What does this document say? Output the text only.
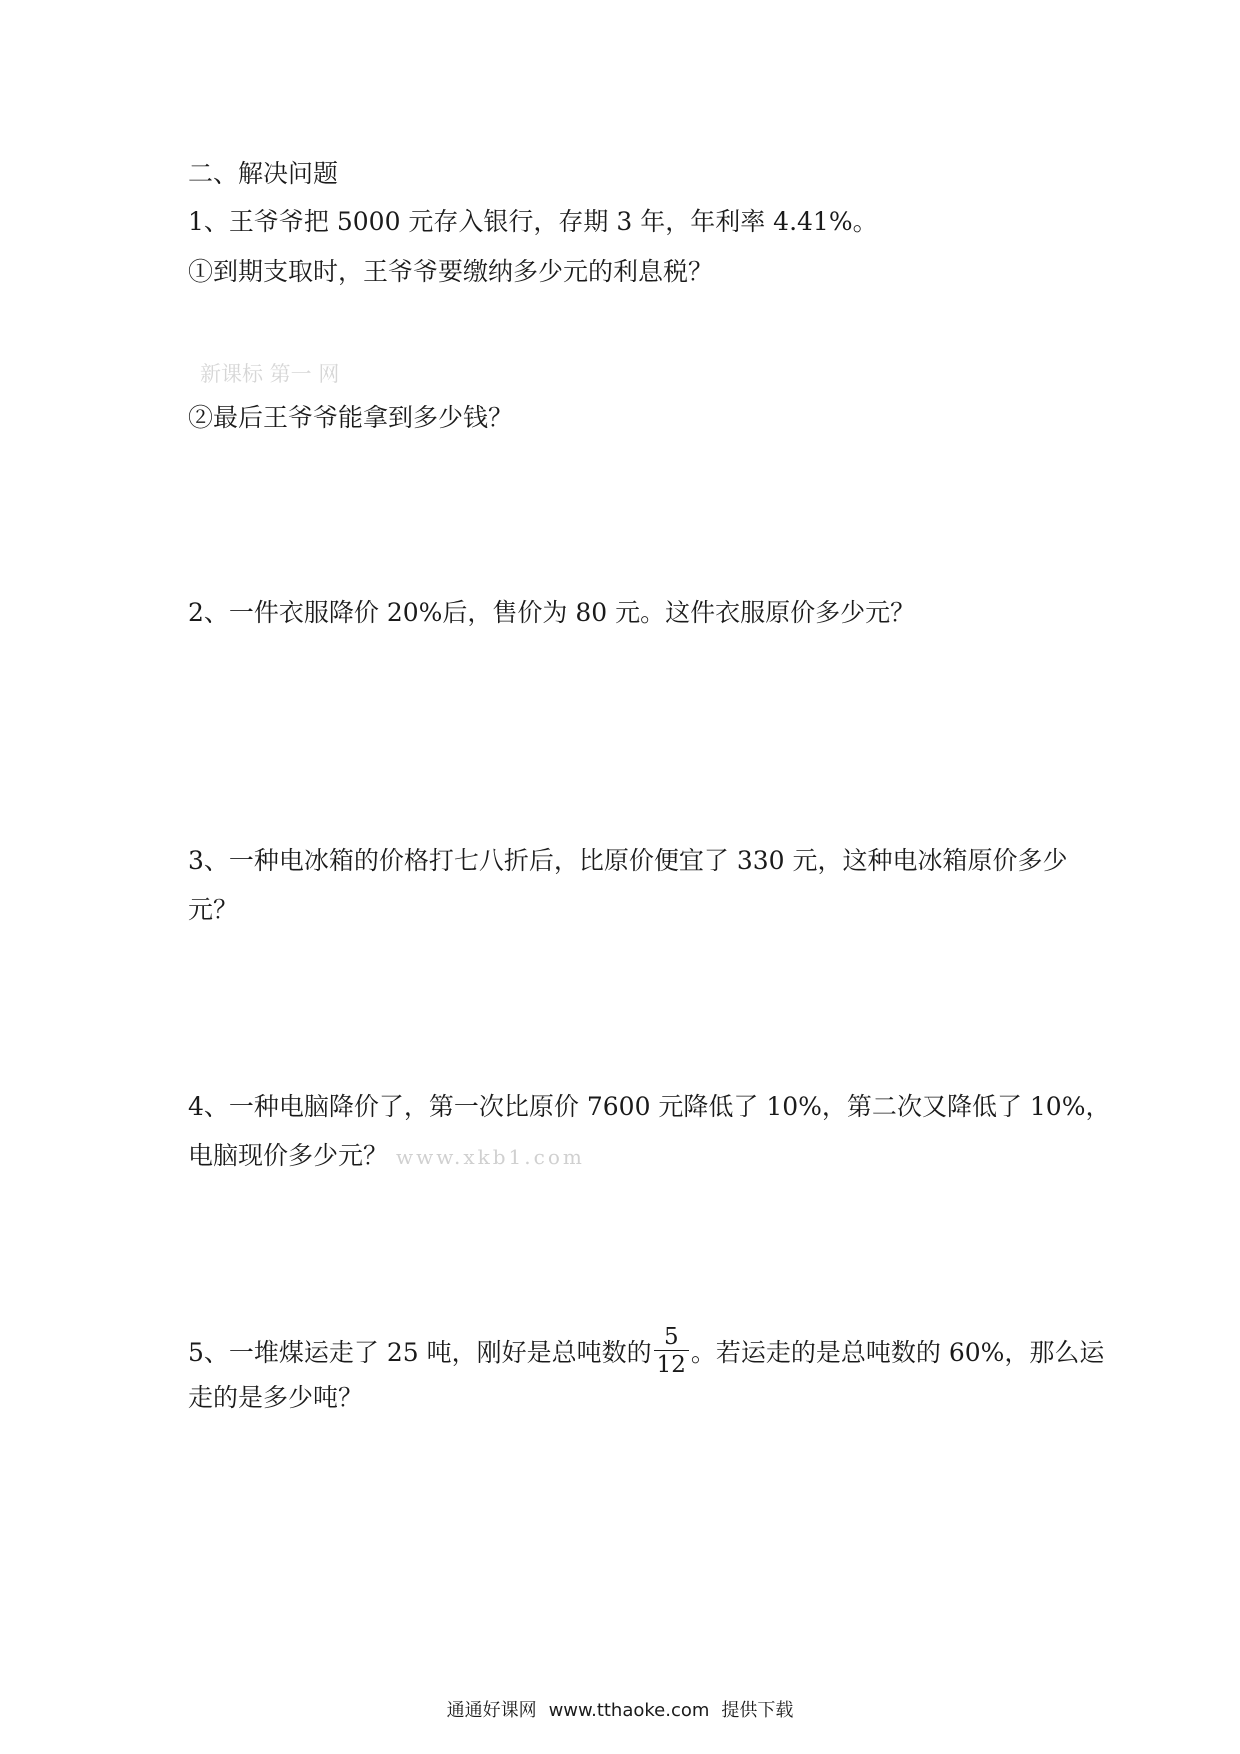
二、解决问题
1、王爷爷把 5000 元存入银行，存期 3 年，年利率 4.41%。
①到期支取时，王爷爷要缴纳多少元的利息税？
新课标 第一 网
②最后王爷爷能拿到多少钱？
2、一件衣服降价 20%后，售价为 80 元。这件衣服原价多少元？
3、一种电冰箱的价格打七八折后，比原价便宜了 330 元，这种电冰箱原价多少
元？
4、一种电脑降价了，第一次比原价 7600 元降低了 10%，第二次又降低了 10%，
电脑现价多少元？ www.xkb1.com
5、一堆煤运走了 25 吨，刚好是总吨数的 $\frac{5}{12}$ 。若运走的是总吨数的 60%，那么运
走的是多少吨？
通通好课网 www.tthaoke.com 提供下载
